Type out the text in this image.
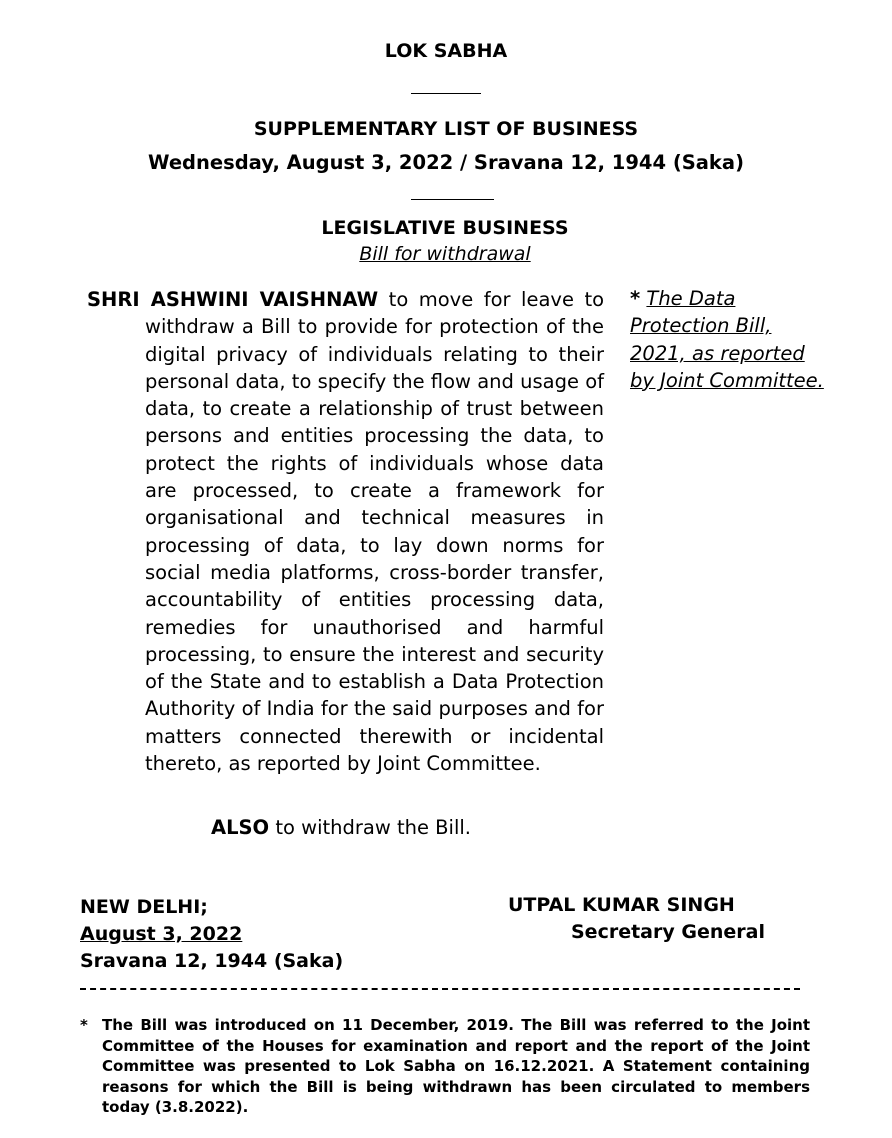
LOK SABHA
SUPPLEMENTARY LIST OF BUSINESS
Wednesday, August 3, 2022 / Sravana 12, 1944 (Saka)
LEGISLATIVE BUSINESS
Bill for withdrawal
SHRI ASHWINI VAISHNAW to move for leave to withdraw a Bill to provide for protection of the digital privacy of individuals relating to their personal data, to specify the flow and usage of data, to create a relationship of trust between persons and entities processing the data, to protect the rights of individuals whose data are processed, to create a framework for organisational and technical measures in processing of data, to lay down norms for social media platforms, cross-border transfer, accountability of entities processing data, remedies for unauthorised and harmful processing, to ensure the interest and security of the State and to establish a Data Protection Authority of India for the said purposes and for matters connected therewith or incidental thereto, as reported by Joint Committee.
* The Data Protection Bill, 2021, as reported by Joint Committee.
ALSO to withdraw the Bill.
NEW DELHI;
August 3, 2022
Sravana 12, 1944 (Saka)
UTPAL KUMAR SINGH
Secretary General
* The Bill was introduced on 11 December, 2019. The Bill was referred to the Joint Committee of the Houses for examination and report and the report of the Joint Committee was presented to Lok Sabha on 16.12.2021. A Statement containing reasons for which the Bill is being withdrawn has been circulated to members today (3.8.2022).
